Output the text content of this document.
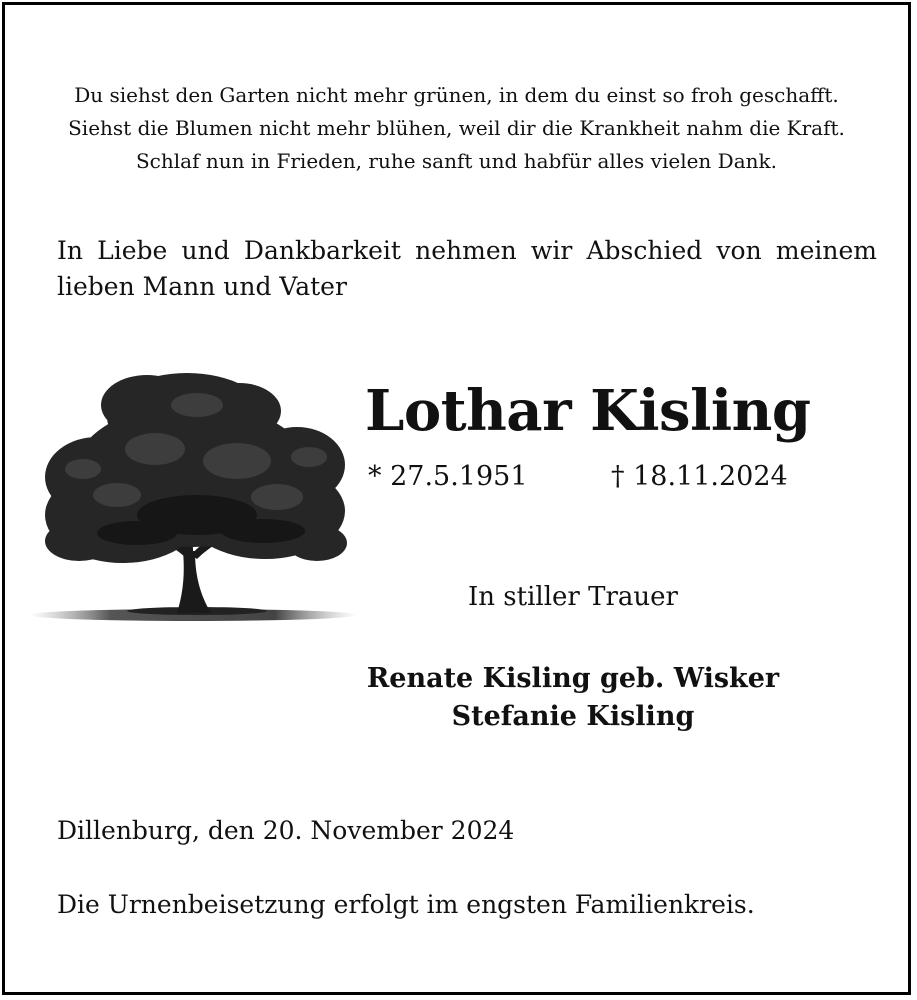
Du siehst den Garten nicht mehr grünen, in dem du einst so froh geschafft.
Siehst die Blumen nicht mehr blühen, weil dir die Krankheit nahm die Kraft.
Schlaf nun in Frieden, ruhe sanft und habfür alles vielen Dank.
In Liebe und Dankbarkeit nehmen wir Abschied von meinem
lieben Mann und Vater
Lothar Kisling
* 27.5.1951	† 18.11.2024
In stiller Trauer
Renate Kisling geb. Wisker
Stefanie Kisling
Dillenburg, den 20. November 2024
Die Urnenbeisetzung erfolgt im engsten Familienkreis.
